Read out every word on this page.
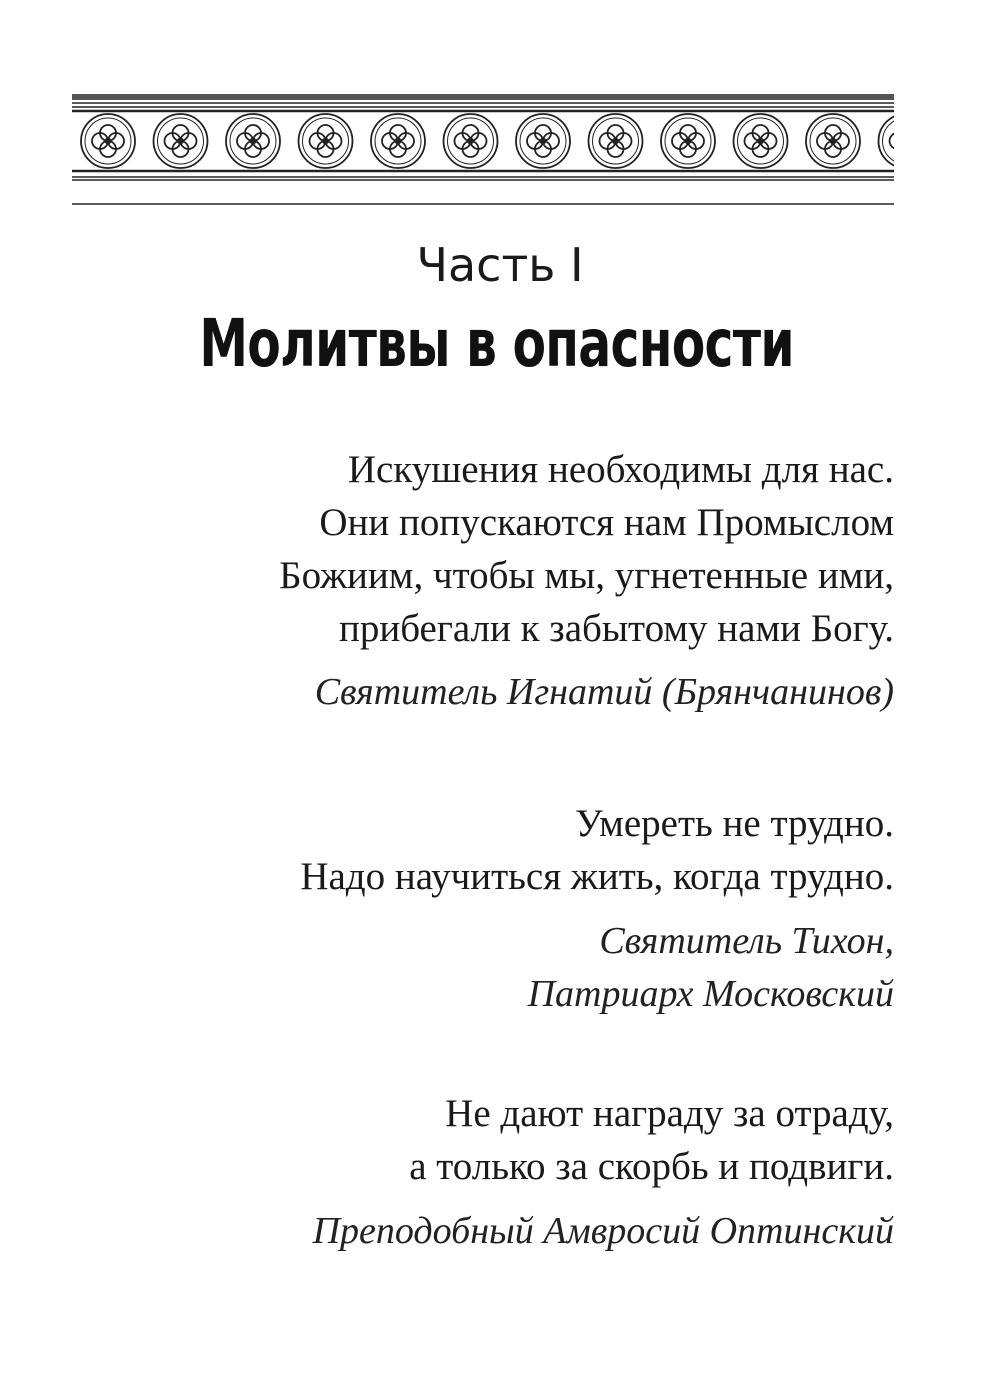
Часть I
Молитвы в опасности
Искушения необходимы для нас.
Они попускаются нам Промыслом
Божиим, чтобы мы, угнетенные ими,
прибегали к забытому нами Богу.
Святитель Игнатий (Брянчанинов)
Умереть не трудно.
Надо научиться жить, когда трудно.
Святитель Тихон,
Патриарх Московский
Не дают награду за отраду,
а только за скорбь и подвиги.
Преподобный Амвросий Оптинский
